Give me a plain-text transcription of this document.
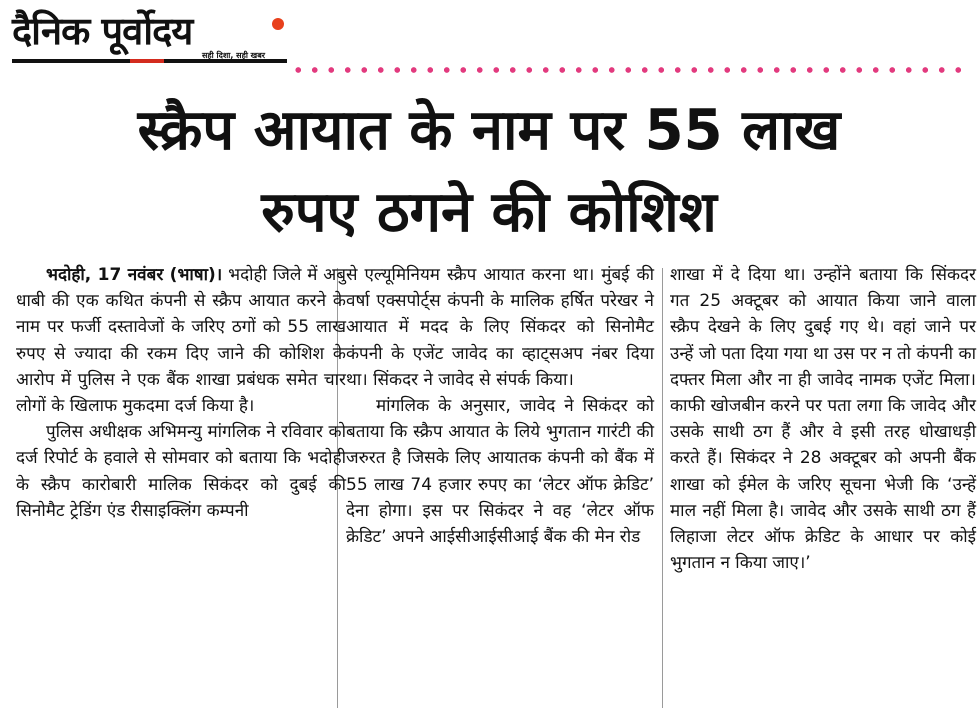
दैनिक पूर्वोदय
सही दिशा, सही खबर
स्क्रैप आयात के नाम पर 55 लाख
रुपए ठगने की कोशिश

भदोही, 17 नवंबर (भाषा)। भदोही जिले में अबु धाबी की एक कथित कंपनी से स्क्रैप आयात करने के नाम पर फर्जी दस्तावेजों के जरिए ठगों को 55 लाख रुपए से ज्यादा की रकम दिए जाने की कोशिश के आरोप में पुलिस ने एक बैंक शाखा प्रबंधक समेत चार लोगों के खिलाफ मुकदमा दर्ज किया है।

पुलिस अधीक्षक अभिमन्यु मांगलिक ने रविवार को दर्ज रिपोर्ट के हवाले से सोमवार को बताया कि भदोही के स्क्रैप कारोबारी मालिक सिकंदर को दुबई की सिनोमैट ट्रेडिंग एंड रीसाइक्लिंग कम्पनी

से एल्यूमिनियम स्क्रैप आयात करना था। मुंबई की वर्षा एक्सपोर्ट्स कंपनी के मालिक हर्षित परेखर ने आयात में मदद के लिए सिंकदर को सिनोमैट कंपनी के एजेंट जावेद का व्हाट्सअप नंबर दिया था। सिंकदर ने जावेद से संपर्क किया।

मांगलिक के अनुसार, जावेद ने सिकंदर को बताया कि स्क्रैप आयात के लिये भुगतान गारंटी की जरुरत है जिसके लिए आयातक कंपनी को बैंक में 55 लाख 74 हजार रुपए का ‘लेटर ऑफ क्रेडिट’ देना होगा। इस पर सिकंदर ने वह ‘लेटर ऑफ क्रेडिट’ अपने आईसीआईसीआई बैंक की मेन रोड

शाखा में दे दिया था। उन्होंने बताया कि सिंकदर गत 25 अक्टूबर को आयात किया जाने वाला स्क्रैप देखने के लिए दुबई गए थे। वहां जाने पर उन्हें जो पता दिया गया था उस पर न तो कंपनी का दफ्तर मिला और ना ही जावेद नामक एजेंट मिला। काफी खोजबीन करने पर पता लगा कि जावेद और उसके साथी ठग हैं और वे इसी तरह धोखाधड़ी करते हैं। सिकंदर ने 28 अक्टूबर को अपनी बैंक शाखा को ईमेल के जरिए सूचना भेजी कि ‘उन्हें माल नहीं मिला है। जावेद और उसके साथी ठग हैं लिहाजा लेटर ऑफ क्रेडिट के आधार पर कोई भुगतान न किया जाए।’
